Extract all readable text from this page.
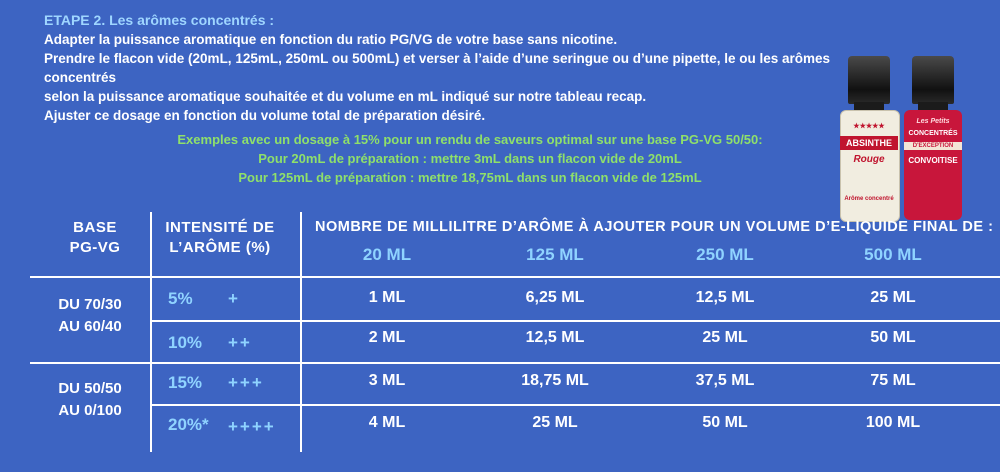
ETAPE 2. Les arômes concentrés :
Adapter la puissance aromatique en fonction du ratio PG/VG de votre base sans nicotine.
Prendre le flacon vide (20mL, 125mL, 250mL ou 500mL) et verser à l’aide d’une seringue ou d’une pipette, le ou les arômes concentrés
selon la puissance aromatique souhaitée et du volume en mL indiqué sur notre tableau recap.
Ajuster ce dosage en fonction du volume total de préparation désiré.
Exemples avec un dosage à 15% pour un rendu de saveurs optimal sur une base PG-VG 50/50:
Pour 20mL de préparation : mettre 3mL dans un flacon vide de 20mL
Pour 125mL de préparation : mettre 18,75mL dans un flacon vide de 125mL
★★★★★
ABSINTHE
Rouge
Arôme concentré
Les Petits
CONCENTRÉS
D'EXCEPTION
CONVOITISE
BASE
PG-VG
INTENSITÉ DE
L’ARÔME (%)
NOMBRE DE MILLILITRE D’ARÔME À AJOUTER POUR UN VOLUME D’E-LIQUIDE FINAL DE :
20 ML	125 ML	250 ML	500 ML
DU 70/30
AU 60/40
DU 50/50
AU 0/100
5% +	1 ML	6,25 ML	12,5 ML	25 ML
10% ++	2 ML	12,5 ML	25 ML	50 ML
15% +++	3 ML	18,75 ML	37,5 ML	75 ML
20%* ++++	4 ML	25 ML	50 ML	100 ML
